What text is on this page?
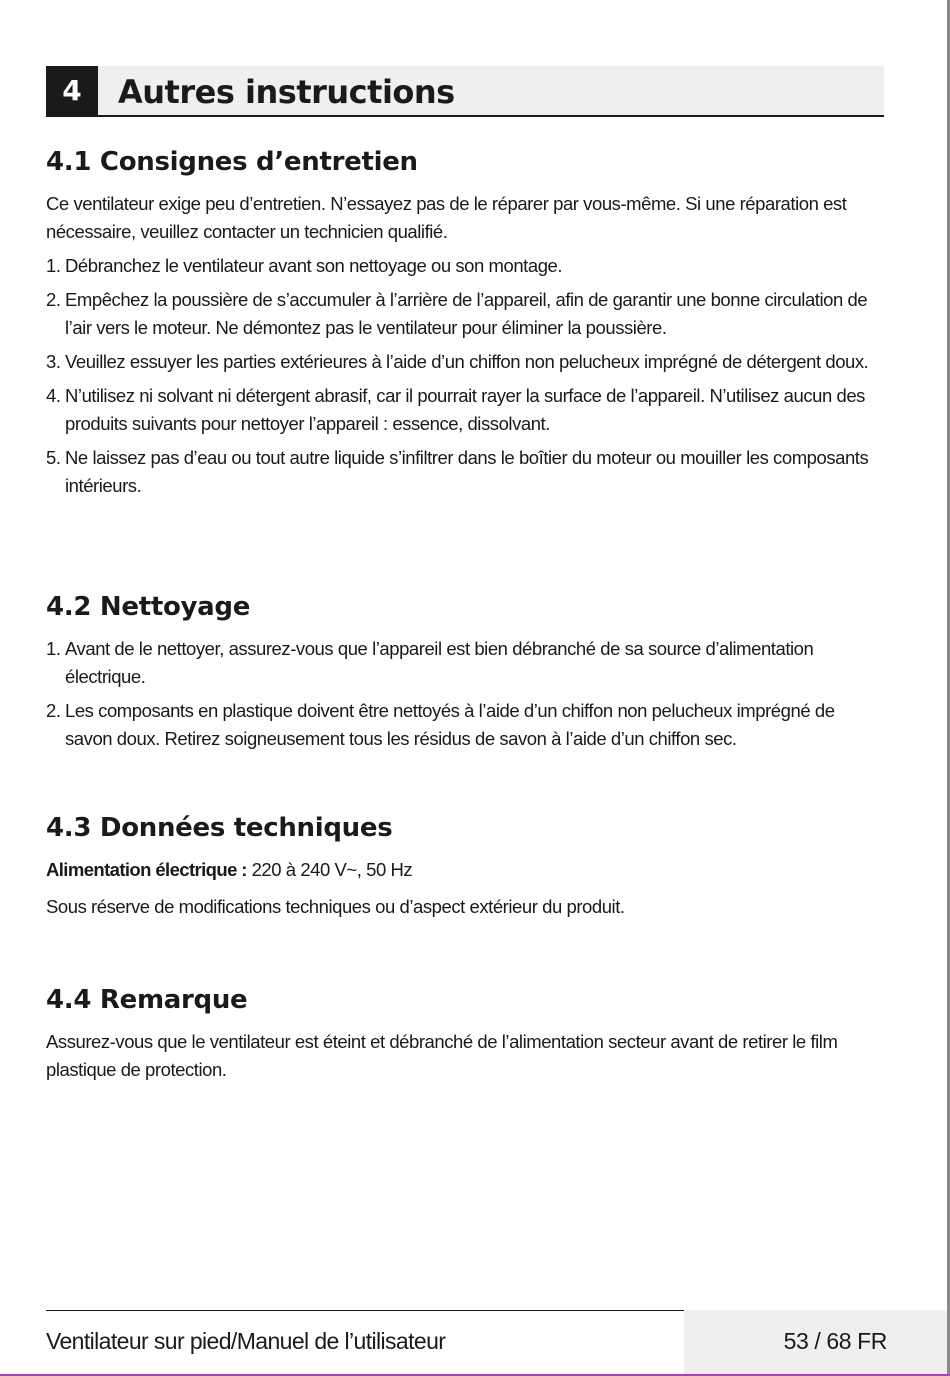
4	Autres instructions
4.1 Consignes d’entretien

Ce ventilateur exige peu d’entretien. N’essayez pas de le réparer par vous-même. Si une réparation est nécessaire, veuillez contacter un technicien qualifié.

1. Débranchez le ventilateur avant son nettoyage ou son montage.
2. Empêchez la poussière de s’accumuler à l’arrière de l’appareil, afin de garantir une bonne circulation de l’air vers le moteur. Ne démontez pas le ventilateur pour éliminer la poussière.
3. Veuillez essuyer les parties extérieures à l’aide d’un chiffon non pelucheux imprégné de détergent doux.
4. N’utilisez ni solvant ni détergent abrasif, car il pourrait rayer la surface de l’appareil. N’utilisez aucun des produits suivants pour nettoyer l’appareil : essence, dissolvant.
5. Ne laissez pas d’eau ou tout autre liquide s’infiltrer dans le boîtier du moteur ou mouiller les composants intérieurs.
4.2 Nettoyage
1. Avant de le nettoyer, assurez-vous que l’appareil est bien débranché de sa source d’alimentation électrique.
2. Les composants en plastique doivent être nettoyés à l’aide d’un chiffon non pelucheux imprégné de savon doux. Retirez soigneusement tous les résidus de savon à l’aide d’un chiffon sec.
4.3 Données techniques

Alimentation électrique : 220 à 240 V~, 50 Hz

Sous réserve de modifications techniques ou d’aspect extérieur du produit.

4.4 Remarque

Assurez-vous que le ventilateur est éteint et débranché de l’alimentation secteur avant de retirer le film plastique de protection.

Ventilateur sur pied/Manuel de l’utilisateur	53 / 68 FR
